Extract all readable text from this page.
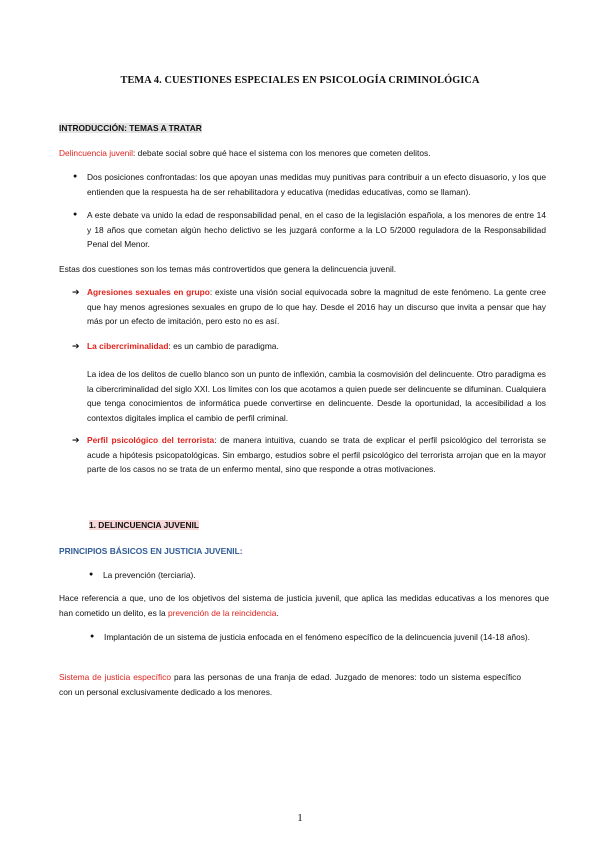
TEMA 4. CUESTIONES ESPECIALES EN PSICOLOGÍA CRIMINOLÓGICA
INTRODUCCIÓN: TEMAS A TRATAR
Delincuencia juvenil: debate social sobre qué hace el sistema con los menores que cometen delitos.
● Dos posiciones confrontadas: los que apoyan unas medidas muy punitivas para contribuir a un efecto disuasorio, y los que entienden que la respuesta ha de ser rehabilitadora y educativa (medidas educativas, como se llaman).
● A este debate va unido la edad de responsabilidad penal, en el caso de la legislación española, a los menores de entre 14 y 18 años que cometan algún hecho delictivo se les juzgará conforme a la LO 5/2000 reguladora de la Responsabilidad Penal del Menor.
Estas dos cuestiones son los temas más controvertidos que genera la delincuencia juvenil.
➔ Agresiones sexuales en grupo: existe una visión social equivocada sobre la magnitud de este fenómeno. La gente cree que hay menos agresiones sexuales en grupo de lo que hay. Desde el 2016 hay un discurso que invita a pensar que hay más por un efecto de imitación, pero esto no es así.
➔ La cibercriminalidad: es un cambio de paradigma.
La idea de los delitos de cuello blanco son un punto de inflexión, cambia la cosmovisión del delincuente. Otro paradigma es la cibercriminalidad del siglo XXI. Los límites con los que acotamos a quien puede ser delincuente se difuminan. Cualquiera que tenga conocimientos de informática puede convertirse en delincuente. Desde la oportunidad, la accesibilidad a los contextos digitales implica el cambio de perfil criminal.
➔ Perfil psicológico del terrorista: de manera intuitiva, cuando se trata de explicar el perfil psicológico del terrorista se acude a hipótesis psicopatológicas. Sin embargo, estudios sobre el perfil psicológico del terrorista arrojan que en la mayor parte de los casos no se trata de un enfermo mental, sino que responde a otras motivaciones.
1. DELINCUENCIA JUVENIL
PRINCIPIOS BÁSICOS EN JUSTICIA JUVENIL:
● La prevención (terciaria).
Hace referencia a que, uno de los objetivos del sistema de justicia juvenil, que aplica las medidas educativas a los menores que han cometido un delito, es la prevención de la reincidencia.
● Implantación de un sistema de justicia enfocada en el fenómeno específico de la delincuencia juvenil (14-18 años).
Sistema de justicia específico para las personas de una franja de edad. Juzgado de menores: todo un sistema específico con un personal exclusivamente dedicado a los menores.
1
